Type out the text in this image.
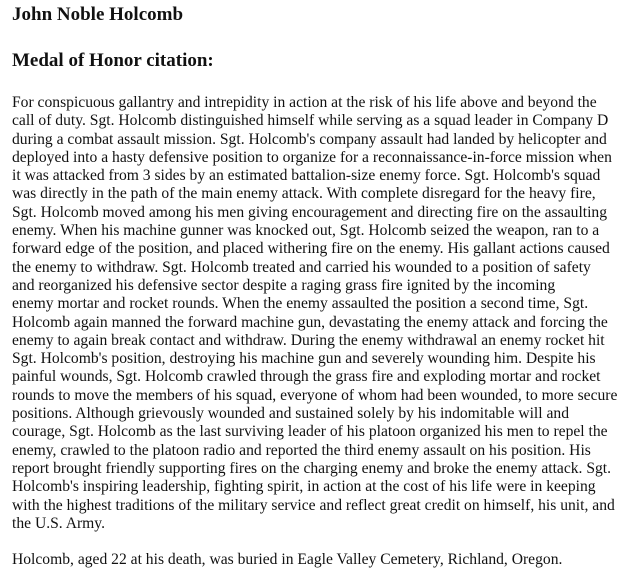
John Noble Holcomb
Medal of Honor citation:

For conspicuous gallantry and intrepidity in action at the risk of his life above and beyond the
call of duty. Sgt. Holcomb distinguished himself while serving as a squad leader in Company D
during a combat assault mission. Sgt. Holcomb's company assault had landed by helicopter and
deployed into a hasty defensive position to organize for a reconnaissance-in-force mission when
it was attacked from 3 sides by an estimated battalion-size enemy force. Sgt. Holcomb's squad
was directly in the path of the main enemy attack. With complete disregard for the heavy fire,
Sgt. Holcomb moved among his men giving encouragement and directing fire on the assaulting
enemy. When his machine gunner was knocked out, Sgt. Holcomb seized the weapon, ran to a
forward edge of the position, and placed withering fire on the enemy. His gallant actions caused
the enemy to withdraw. Sgt. Holcomb treated and carried his wounded to a position of safety
and reorganized his defensive sector despite a raging grass fire ignited by the incoming
enemy mortar and rocket rounds. When the enemy assaulted the position a second time, Sgt.
Holcomb again manned the forward machine gun, devastating the enemy attack and forcing the
enemy to again break contact and withdraw. During the enemy withdrawal an enemy rocket hit
Sgt. Holcomb's position, destroying his machine gun and severely wounding him. Despite his
painful wounds, Sgt. Holcomb crawled through the grass fire and exploding mortar and rocket
rounds to move the members of his squad, everyone of whom had been wounded, to more secure
positions. Although grievously wounded and sustained solely by his indomitable will and
courage, Sgt. Holcomb as the last surviving leader of his platoon organized his men to repel the
enemy, crawled to the platoon radio and reported the third enemy assault on his position. His
report brought friendly supporting fires on the charging enemy and broke the enemy attack. Sgt.
Holcomb's inspiring leadership, fighting spirit, in action at the cost of his life were in keeping
with the highest traditions of the military service and reflect great credit on himself, his unit, and
the U.S. Army.

Holcomb, aged 22 at his death, was buried in Eagle Valley Cemetery, Richland, Oregon.
